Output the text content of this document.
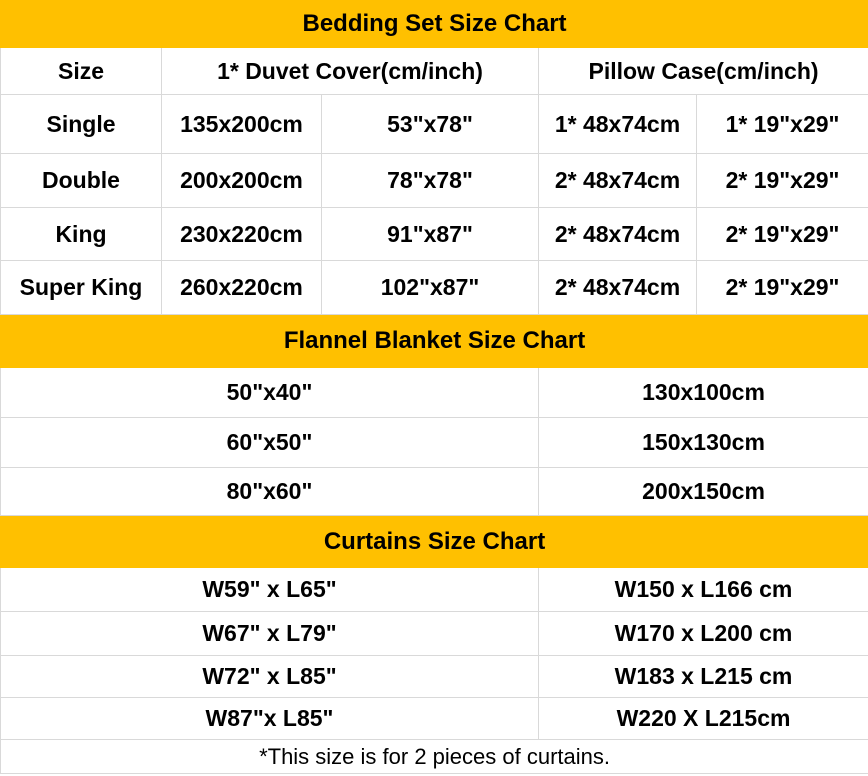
Bedding Set Size Chart				
Size	1* Duvet Cover(cm/inch)		Pillow Case(cm/inch)	
Single	135x200cm	53"x78"	1* 48x74cm	1* 19"x29"
Double	200x200cm	78"x78"	2* 48x74cm	2* 19"x29"
King	230x220cm	91"x87"	2* 48x74cm	2* 19"x29"
Super King	260x220cm	102"x87"	2* 48x74cm	2* 19"x29"
Flannel Blanket Size Chart				
50"x40"			130x100cm	
60"x50"			150x130cm	
80"x60"			200x150cm	
Curtains Size Chart				
W59" x L65"			W150 x L166 cm	
W67" x L79"			W170 x L200 cm	
W72" x L85"			W183 x L215 cm	
W87"x L85"			W220 X L215cm	
*This size is for 2 pieces of curtains.				
